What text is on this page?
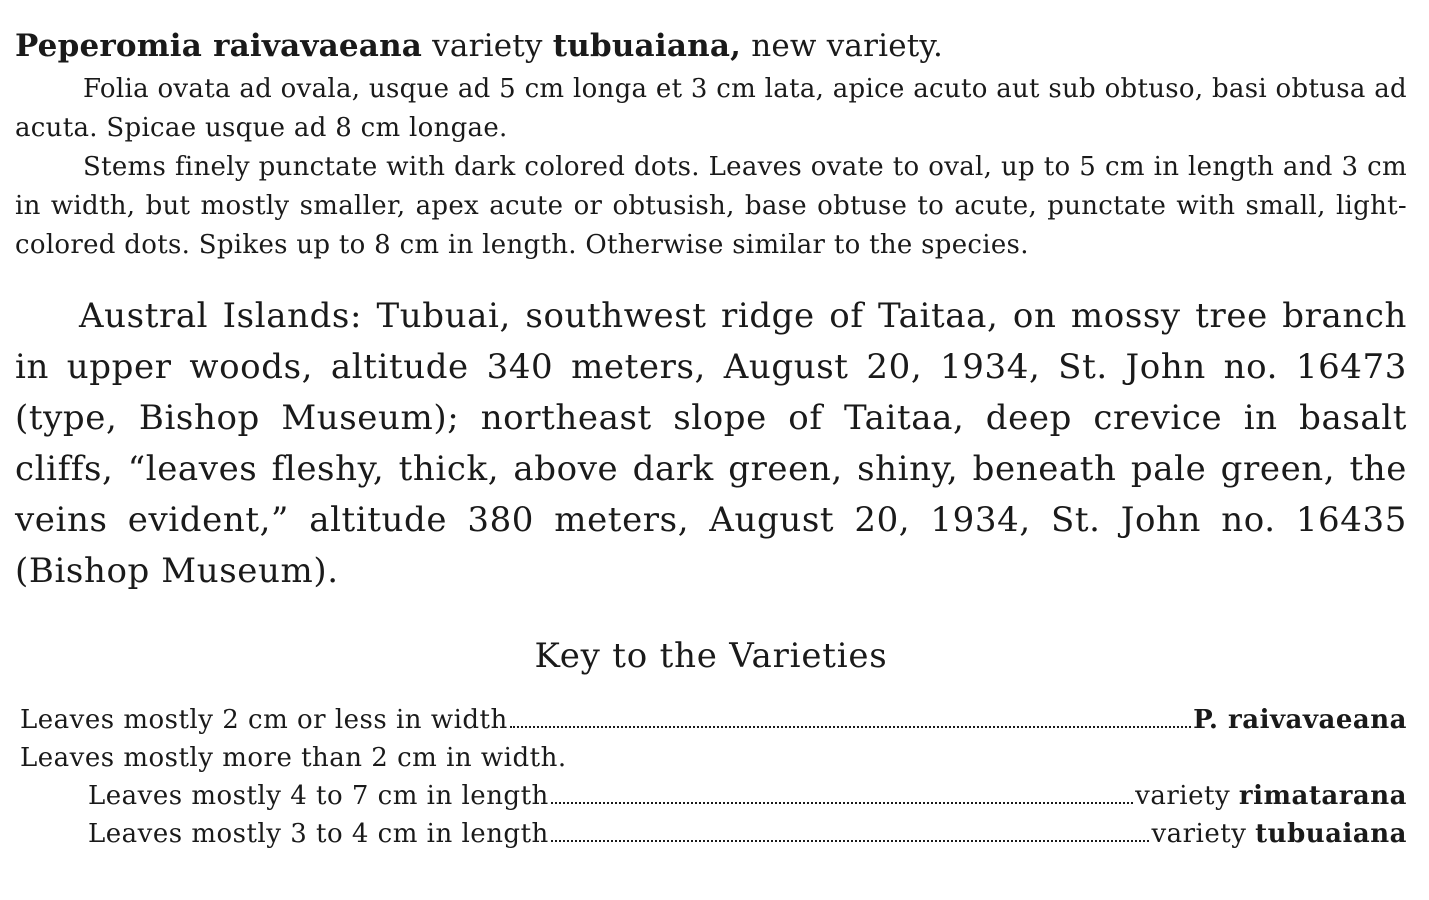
Peperomia raivavaeana variety tubuaiana, new variety.

Folia ovata ad ovala, usque ad 5 cm longa et 3 cm lata, apice acuto aut sub obtuso, basi obtusa ad acuta. Spicae usque ad 8 cm longae.

Stems finely punctate with dark colored dots. Leaves ovate to oval, up to 5 cm in length and 3 cm in width, but mostly smaller, apex acute or obtusish, base obtuse to acute, punctate with small, light-colored dots. Spikes up to 8 cm in length. Otherwise similar to the species.

Austral Islands: Tubuai, southwest ridge of Taitaa, on mossy tree branch in upper woods, altitude 340 meters, August 20, 1934, St. John no. 16473 (type, Bishop Museum); northeast slope of Taitaa, deep crevice in basalt cliffs, “leaves fleshy, thick, above dark green, shiny, beneath pale green, the veins evident,” altitude 380 meters, August 20, 1934, St. John no. 16435 (Bishop Museum).

Key to the Varieties
Leaves mostly 2 cm or less in width	P. raivavaeana
Leaves mostly more than 2 cm in width.
Leaves mostly 4 to 7 cm in length	variety rimatarana
Leaves mostly 3 to 4 cm in length	variety tubuaiana
